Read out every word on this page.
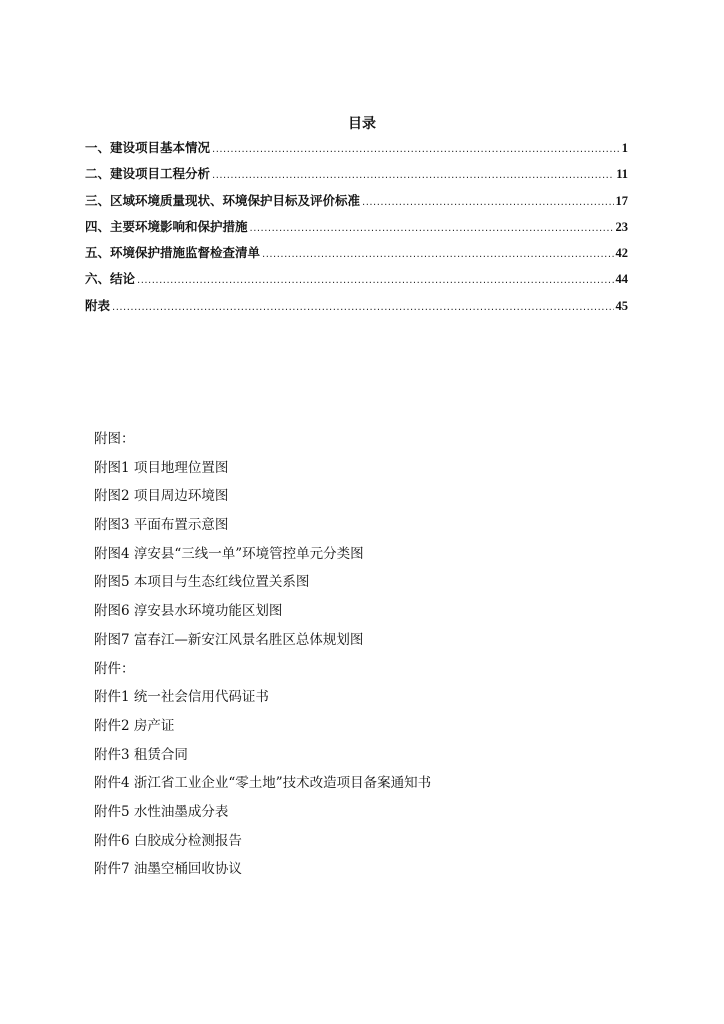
目录
一、建设项目基本情况 .....	1
二、建设项目工程分析 .....	11
三、区域环境质量现状、环境保护目标及评价标准 .....	17
四、主要环境影响和保护措施 .....	23
五、环境保护措施监督检查清单 .....	42
六、结论 .....	44
附表 .....	45
附图：
附图1 项目地理位置图
附图2 项目周边环境图
附图3 平面布置示意图
附图4 淳安县“三线一单”环境管控单元分类图
附图5 本项目与生态红线位置关系图
附图6 淳安县水环境功能区划图
附图7 富春江—新安江风景名胜区总体规划图
附件：
附件1 统一社会信用代码证书
附件2 房产证
附件3 租赁合同
附件4 浙江省工业企业“零土地”技术改造项目备案通知书
附件5 水性油墨成分表
附件6 白胶成分检测报告
附件7 油墨空桶回收协议
